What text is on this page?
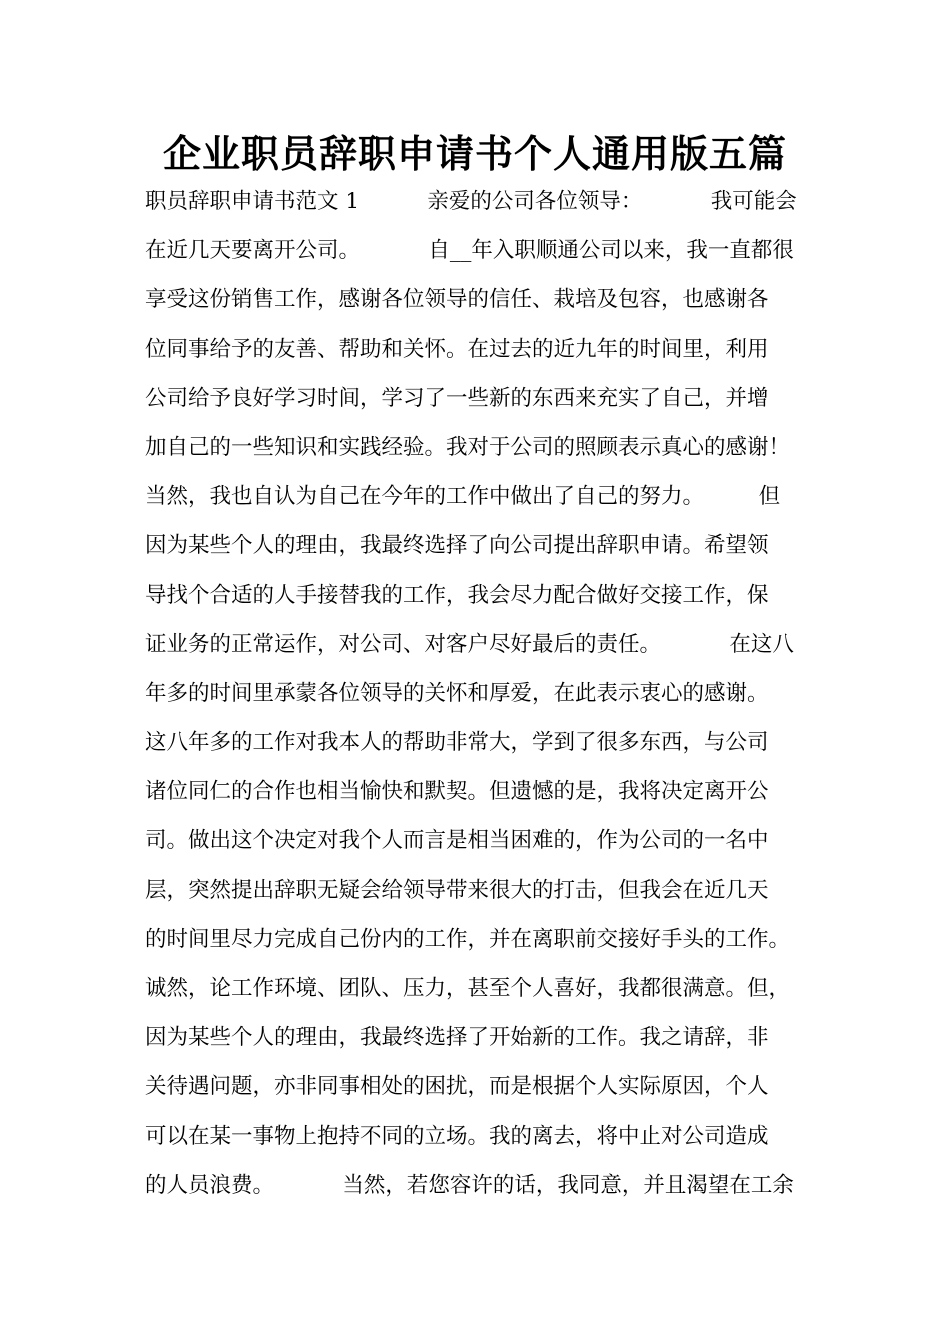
企业职员辞职申请书个人通用版五篇
职员辞职申请书范文 1          亲爱的公司各位领导：          我可能会
在近几天要离开公司。          自__年入职顺通公司以来，我一直都很
享受这份销售工作，感谢各位领导的信任、栽培及包容，也感谢各
位同事给予的友善、帮助和关怀。在过去的近九年的时间里，利用
公司给予良好学习时间，学习了一些新的东西来充实了自己，并增
加自己的一些知识和实践经验。我对于公司的照顾表示真心的感谢！
当然，我也自认为自己在今年的工作中做出了自己的努力。        但
因为某些个人的理由，我最终选择了向公司提出辞职申请。希望领
导找个合适的人手接替我的工作，我会尽力配合做好交接工作，保
证业务的正常运作，对公司、对客户尽好最后的责任。          在这八
年多的时间里承蒙各位领导的关怀和厚爱，在此表示衷心的感谢。
这八年多的工作对我本人的帮助非常大，学到了很多东西，与公司
诸位同仁的合作也相当愉快和默契。但遗憾的是，我将决定离开公
司。做出这个决定对我个人而言是相当困难的，作为公司的一名中
层，突然提出辞职无疑会给领导带来很大的打击，但我会在近几天
的时间里尽力完成自己份内的工作，并在离职前交接好手头的工作。
诚然，论工作环境、团队、压力，甚至个人喜好，我都很满意。但，
因为某些个人的理由，我最终选择了开始新的工作。我之请辞，非
关待遇问题，亦非同事相处的困扰，而是根据个人实际原因，个人
可以在某一事物上抱持不同的立场。我的离去，将中止对公司造成
的人员浪费。          当然，若您容许的话，我同意，并且渴望在工余
